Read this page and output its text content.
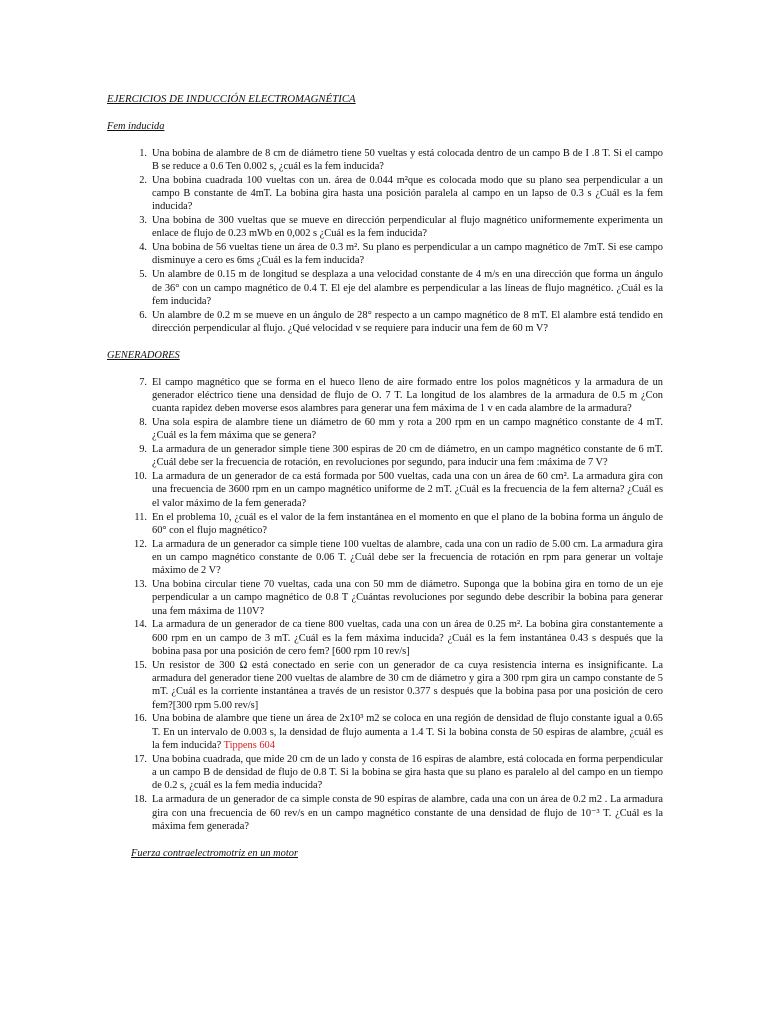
EJERCICIOS DE INDUCCIÓN ELECTROMAGNÉTICA

Fem inducida

1. Una bobina de alambre de 8 cm de diámetro tiene 50 vueltas y está colocada dentro de un campo B de I .8 T. Si el campo B se reduce a 0.6 Ten 0.002 s, ¿cuál es la fem inducida?
2. Una bobina cuadrada 100 vueltas con un. área de 0.044 m²que es colocada modo que su plano sea perpendicular a un campo B constante de 4mT. La bobina gira hasta una posición paralela al campo en un lapso de 0.3 s ¿Cuál es la fem inducida?
3. Una bobina de 300 vueltas que se mueve en dirección perpendicular al flujo magnético uniformemente experimenta un enlace de flujo de 0.23 mWb en 0,002 s ¿Cuál es la fem inducida?
4. Una bobina de 56 vueltas tiene un área de 0.3 m². Su plano es perpendicular a un campo magnético de 7mT. Si ese campo disminuye a cero es 6ms ¿Cuál es la fem inducida?
5. Un alambre de 0.15 m de longitud se desplaza a una velocidad constante de 4 m/s en una dirección que forma un ángulo de 36° con un campo magnético de 0.4 T. El eje del alambre es perpendicular a las líneas de flujo magnético. ¿Cuál es la fem inducida?
6. Un alambre de 0.2 m se mueve en un ángulo de 28° respecto a un campo magnético de 8 mT. El alambre está tendido en dirección perpendicular al flujo. ¿Qué velocidad v se requiere para inducir una fem de 60 m V?

GENERADORES

7. El campo magnético que se forma en el hueco lleno de aire formado entre los polos magnéticos y la armadura de un generador eléctrico tiene una densidad de flujo de O. 7 T. La longitud de los alambres de la armadura de 0.5 m ¿Con cuanta rapidez deben moverse esos alambres para generar una fem máxima de 1 v en cada alambre de la armadura?
8. Una sola espira de alambre tiene un diámetro de 60 mm y rota a 200 rpm en un campo magnético constante de 4 mT. ¿Cuál es la fem máxima que se genera?
9. La armadura de un generador simple tiene 300 espiras de 20 cm de diámetro, en un campo magnético constante de 6 mT. ¿Cuál debe ser la frecuencia de rotación, en revoluciones por segundo, para inducir una fem :máxima de 7 V?
10. La armadura de un generador de ca está formada por 500 vueltas, cada una con un área de 60 cm². La armadura gira con una frecuencia de 3600 rpm en un campo magnético uniforme de 2 mT. ¿Cuál es la frecuencia de la fem alterna? ¿Cuál es el valor máximo de la fem generada?
11. En el problema 10, ¿cuál es el valor de la fem instantánea en el momento en que el plano de la bobina forma un ángulo de 60° con el flujo magnético?
12. La armadura de un generador ca simple tiene 100 vueltas de alambre, cada una con un radio de 5.00 cm. La armadura gira en un campo magnético constante de 0.06 T. ¿Cuál debe ser la frecuencia de rotación en rpm para generar un voltaje máximo de 2 V?
13. Una bobina circular tiene 70 vueltas, cada una con 50 mm de diámetro. Suponga que la bobina gira en torno de un eje perpendicular a un campo magnético de 0.8 T ¿Cuántas revoluciones por segundo debe describir la bobina para generar una fem máxima de 110V?
14. La armadura de un generador de ca tiene 800 vueltas, cada una con un área de 0.25 m². La bobina gira constantemente a 600 rpm en un campo de 3 mT. ¿Cuál es la fem máxima inducida? ¿Cuál es la fem instantánea 0.43 s después que la bobina pasa por una posición de cero fem? [600 rpm 10 rev/s]
15. Un resistor de 300 Ω está conectado en serie con un generador de ca cuya resistencia interna es insignificante. La armadura del generador tiene 200 vueltas de alambre de 30 cm de diámetro y gira a 300 rpm gira un campo constante de 5 mT. ¿Cuál es la corriente instantánea a través de un resistor 0.377 s después que la bobina pasa por una posición de cero fem?[300 rpm 5.00 rev/s]
16. Una bobina de alambre que tiene un área de 2x10³ m2 se coloca en una región de densidad de flujo constante igual a 0.65 T. En un intervalo de 0.003 s, la densidad de flujo aumenta a 1.4 T. Si la bobina consta de 50 espiras de alambre, ¿cuál es la fem inducida? Tippens 604
17. Una bobina cuadrada, que mide 20 cm de un lado y consta de 16 espiras de alambre, está colocada en forma perpendicular a un campo B de densidad de flujo de 0.8 T. Si la bobina se gira hasta que su plano es paralelo al del campo en un tiempo de 0.2 s, ¿cuál es la fem media inducida?
18. La armadura de un generador de ca simple consta de 90 espiras de alambre, cada una con un área de 0.2 m2 . La armadura gira con una frecuencia de 60 rev/s en un campo magnético constante de una densidad de flujo de 10⁻³ T. ¿Cuál es la máxima fem generada?

Fuerza contraelectromotriz en un motor
